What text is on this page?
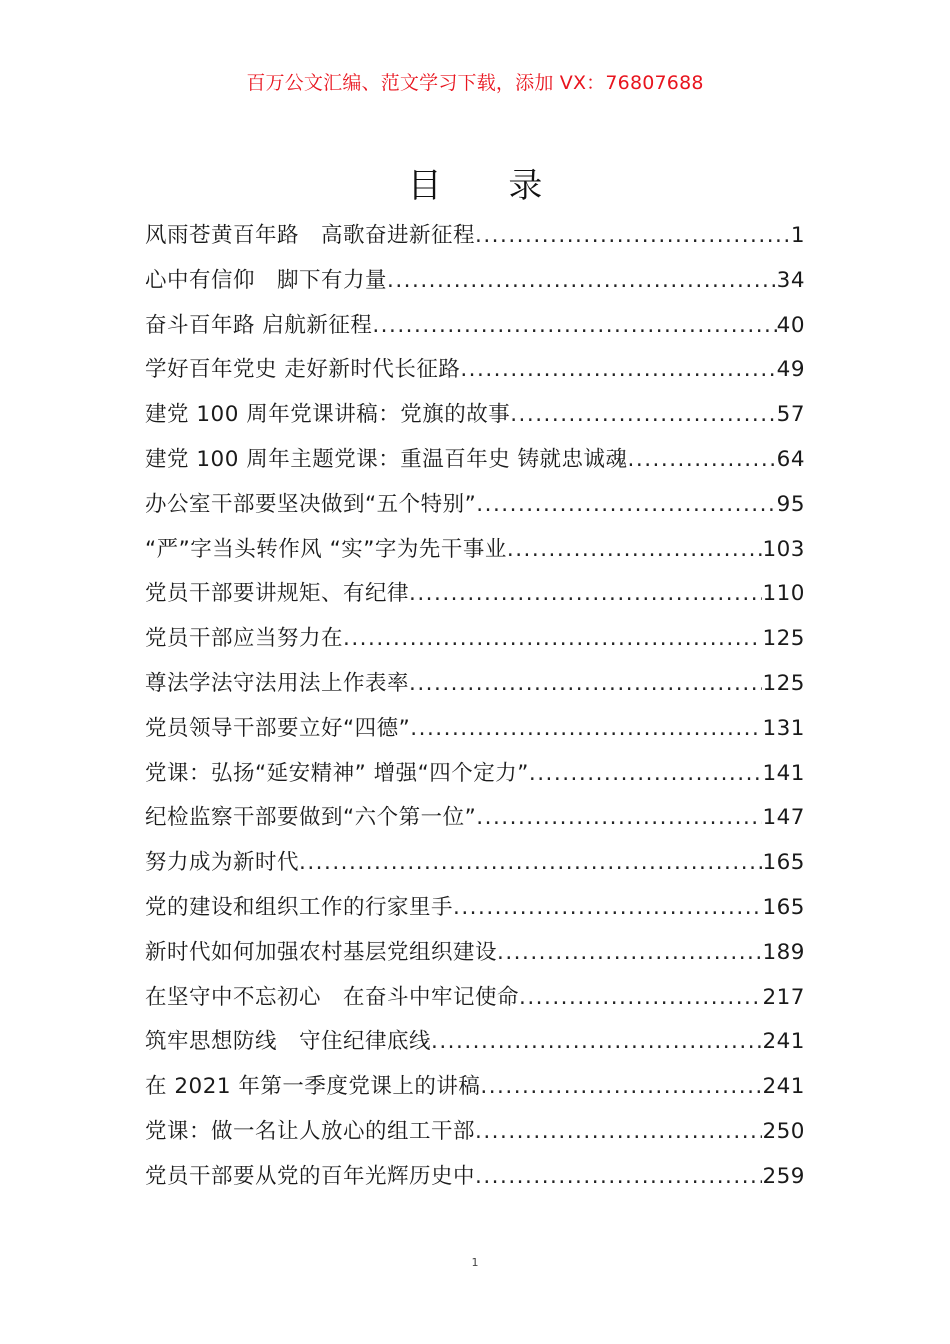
百万公文汇编、范文学习下载，添加 VX：76807688
目 录
风雨苍黄百年路　高歌奋进新征程 .....	1
心中有信仰　脚下有力量 .....	34
奋斗百年路 启航新征程 .....	40
学好百年党史 走好新时代长征路 .....	49
建党 100 周年党课讲稿：党旗的故事 .....	57
建党 100 周年主题党课：重温百年史 铸就忠诚魂 .....	64
办公室干部要坚决做到“五个特别” .....	95
“严”字当头转作风 “实”字为先干事业 .....	103
党员干部要讲规矩、有纪律 .....	110
党员干部应当努力在 .....	125
尊法学法守法用法上作表率 .....	125
党员领导干部要立好“四德” .....	131
党课：弘扬“延安精神” 增强“四个定力” .....	141
纪检监察干部要做到“六个第一位” .....	147
努力成为新时代 .....	165
党的建设和组织工作的行家里手 .....	165
新时代如何加强农村基层党组织建设 .....	189
在坚守中不忘初心　在奋斗中牢记使命 .....	217
筑牢思想防线　守住纪律底线 .....	241
在 2021 年第一季度党课上的讲稿 .....	241
党课：做一名让人放心的组工干部 .....	250
党员干部要从党的百年光辉历史中 .....	259
1
